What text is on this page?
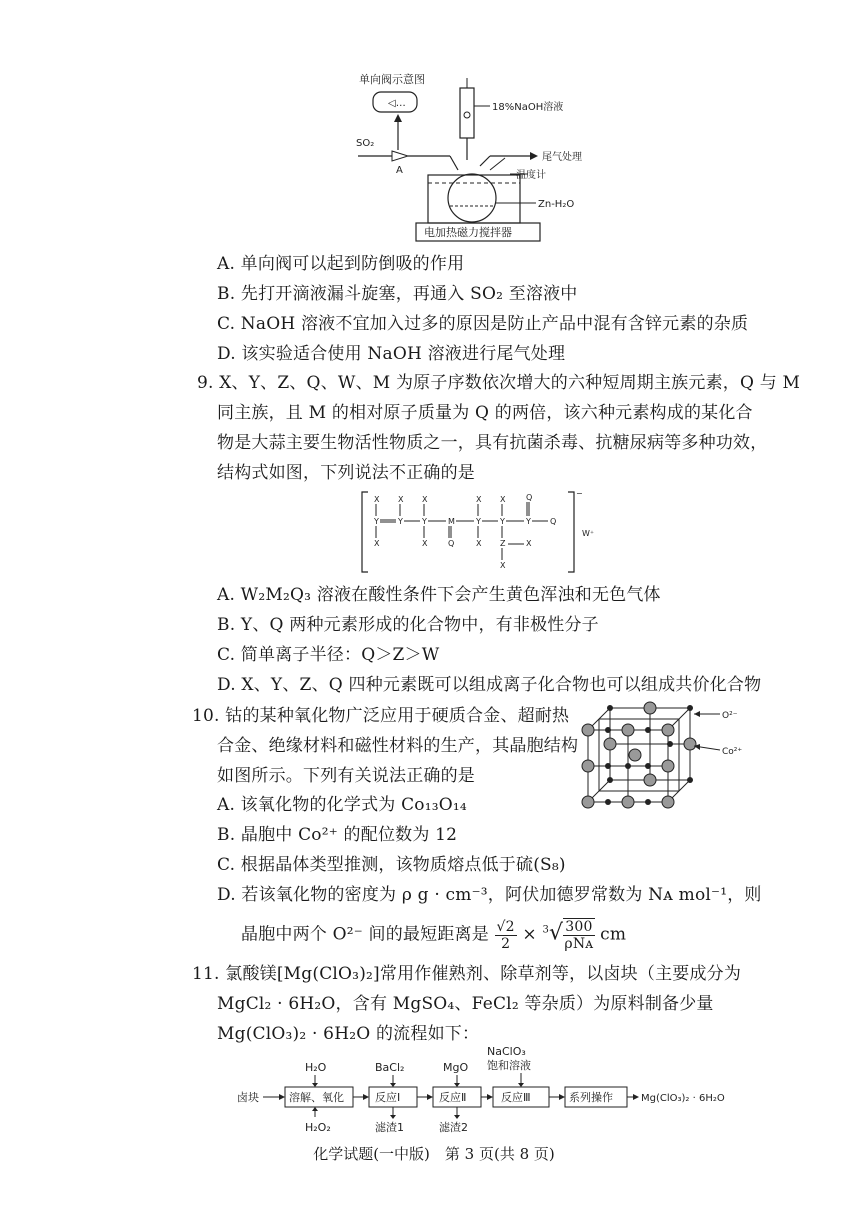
单向阀示意图
◁…
SO₂
A
18%NaOH溶液
尾气处理
温度计
Zn-H₂O
电加热磁力搅拌器
A. 单向阀可以起到防倒吸的作用
B. 先打开滴液漏斗旋塞，再通入 SO₂ 至溶液中
C. NaOH 溶液不宜加入过多的原因是防止产品中混有含锌元素的杂质
D. 该实验适合使用 NaOH 溶液进行尾气处理
9. X、Y、Z、Q、W、M 为原子序数依次增大的六种短周期主族元素，Q 与 M
同主族，且 M 的相对原子质量为 Q 的两倍，该六种元素构成的某化合
物是大蒜主要生物活性物质之一，具有抗菌杀毒、抗糖尿病等多种功效，
结构式如图，下列说法不正确的是
−
W⁺
X X X	X X	Q
Y Y Y	M	Y Y	Y Q
X	X	Q	X Z	X
X
A. W₂M₂Q₃ 溶液在酸性条件下会产生黄色浑浊和无色气体
B. Y、Q 两种元素形成的化合物中，有非极性分子
C. 简单离子半径：Q＞Z＞W
D. X、Y、Z、Q 四种元素既可以组成离子化合物也可以组成共价化合物
10. 钴的某种氧化物广泛应用于硬质合金、超耐热
合金、绝缘材料和磁性材料的生产，其晶胞结构
如图所示。下列有关说法正确的是
O²⁻
Co²⁺
A. 该氧化物的化学式为 Co₁₃O₁₄
B. 晶胞中 Co²⁺ 的配位数为 12
C. 根据晶体类型推测，该物质熔点低于硫(S₈)
D. 若该氧化物的密度为 ρ g · cm⁻³，阿伏加德罗常数为 Nᴀ mol⁻¹，则
晶胞中两个 O²⁻ 间的最短距离是 $\frac{√2}{2} \times ^3√ \frac{300}{\text{ρNᴀ}}$ cm
11. 氯酸镁[Mg(ClO₃)₂]常用作催熟剂、除草剂等，以卤块（主要成分为
MgCl₂ · 6H₂O，含有 MgSO₄、FeCl₂ 等杂质）为原料制备少量
Mg(ClO₃)₂ · 6H₂O 的流程如下：
卤块	溶解、氧化
H₂O
H₂O₂
反应Ⅰ
BaCl₂
滤渣1
反应Ⅱ
MgO
滤渣2
反应Ⅲ
NaClO₃
饱和溶液
系列操作	Mg(ClO₃)₂ · 6H₂O
化学试题(一中版)　第 3 页(共 8 页)
